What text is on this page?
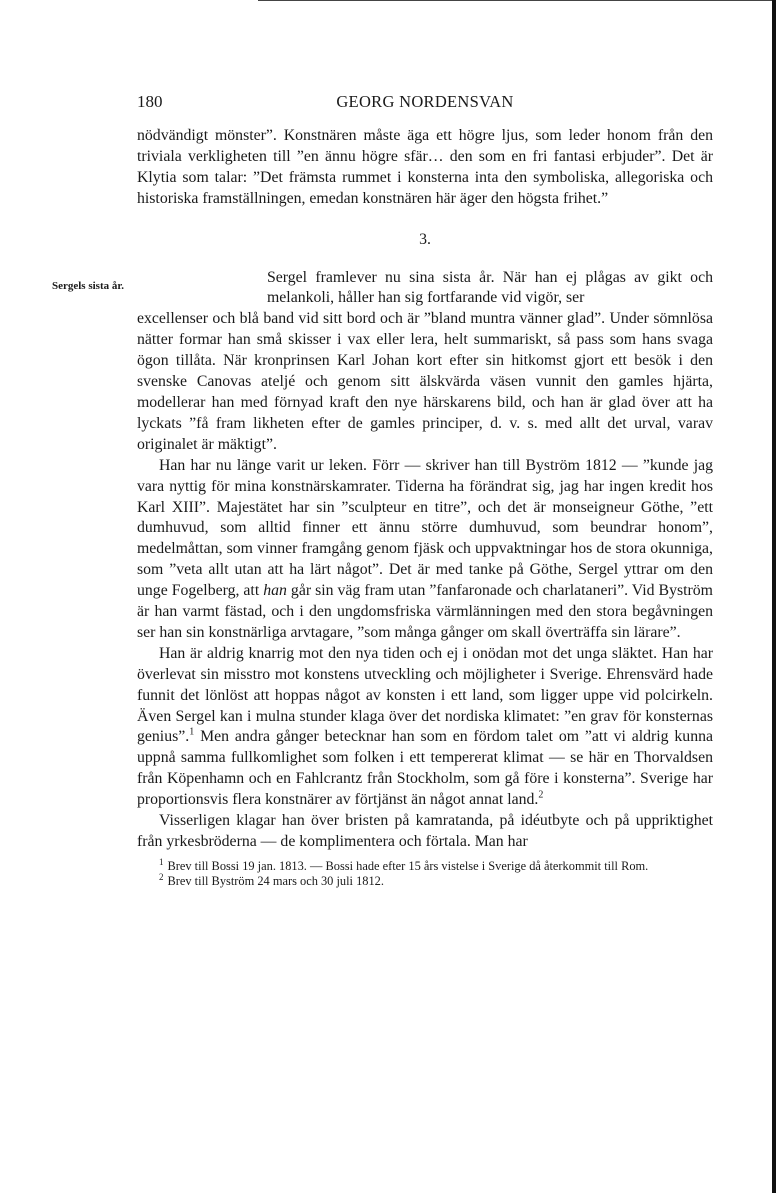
180	GEORG NORDENSVAN

nödvändigt mönster”. Konstnären måste äga ett högre ljus, som leder honom från den triviala verkligheten till ”en ännu högre sfär… den som en fri fantasi erbjuder”. Det är Klytia som talar: ”Det främsta rummet i konsterna inta den symboliska, allegoriska och historiska framställningen, emedan konstnären här äger den högsta frihet.”

3.
Sergels sista år.	Sergel framlever nu sina sista år. När han ej plågas av gikt och melankoli, håller han sig fortfarande vid vigör, ser

excellenser och blå band vid sitt bord och är ”bland muntra vänner glad”. Under sömnlösa nätter formar han små skisser i vax eller lera, helt summariskt, så pass som hans svaga ögon tillåta. När kronprinsen Karl Johan kort efter sin hitkomst gjort ett besök i den svenske Canovas ateljé och genom sitt älskvärda väsen vunnit den gamles hjärta, modellerar han med förnyad kraft den nye härskarens bild, och han är glad över att ha lyckats ”få fram likheten efter de gamles principer, d. v. s. med allt det urval, varav originalet är mäktigt”.

Han har nu länge varit ur leken. Förr — skriver han till Byström 1812 — ”kunde jag vara nyttig för mina konstnärskamrater. Tiderna ha förändrat sig, jag har ingen kredit hos Karl XIII”. Majestätet har sin ”sculpteur en titre”, och det är monseigneur Göthe, ”ett dumhuvud, som alltid finner ett ännu större dumhuvud, som beundrar honom”, medelmåttan, som vinner framgång genom fjäsk och uppvaktningar hos de stora okunniga, som ”veta allt utan att ha lärt något”. Det är med tanke på Göthe, Sergel yttrar om den unge Fogelberg, att han går sin väg fram utan ”fanfaronade och charlataneri”. Vid Byström är han varmt fästad, och i den ungdomsfriska värmlänningen med den stora begåvningen ser han sin konstnärliga arvtagare, ”som många gånger om skall överträffa sin lärare”.

Han är aldrig knarrig mot den nya tiden och ej i onödan mot det unga släktet. Han har överlevat sin misstro mot konstens utveckling och möjligheter i Sverige. Ehrensvärd hade funnit det lönlöst att hoppas något av konsten i ett land, som ligger uppe vid polcirkeln. Även Sergel kan i mulna stunder klaga över det nordiska klimatet: ”en grav för konsternas genius”.$^1$ Men andra gånger betecknar han som en fördom talet om ”att vi aldrig kunna uppnå samma fullkomlighet som folken i ett tempererat klimat — se här en Thorvaldsen från Köpenhamn och en Fahlcrantz från Stockholm, som gå före i konsterna”. Sverige har proportionsvis flera konstnärer av förtjänst än något annat land.$^2$

Visserligen klagar han över bristen på kamratanda, på idéutbyte och på uppriktighet från yrkesbröderna — de komplimentera och förtala. Man har

$^1$ Brev till Bossi 19 jan. 1813. — Bossi hade efter 15 års vistelse i Sverige då återkommit till Rom.

$^2$ Brev till Byström 24 mars och 30 juli 1812.
